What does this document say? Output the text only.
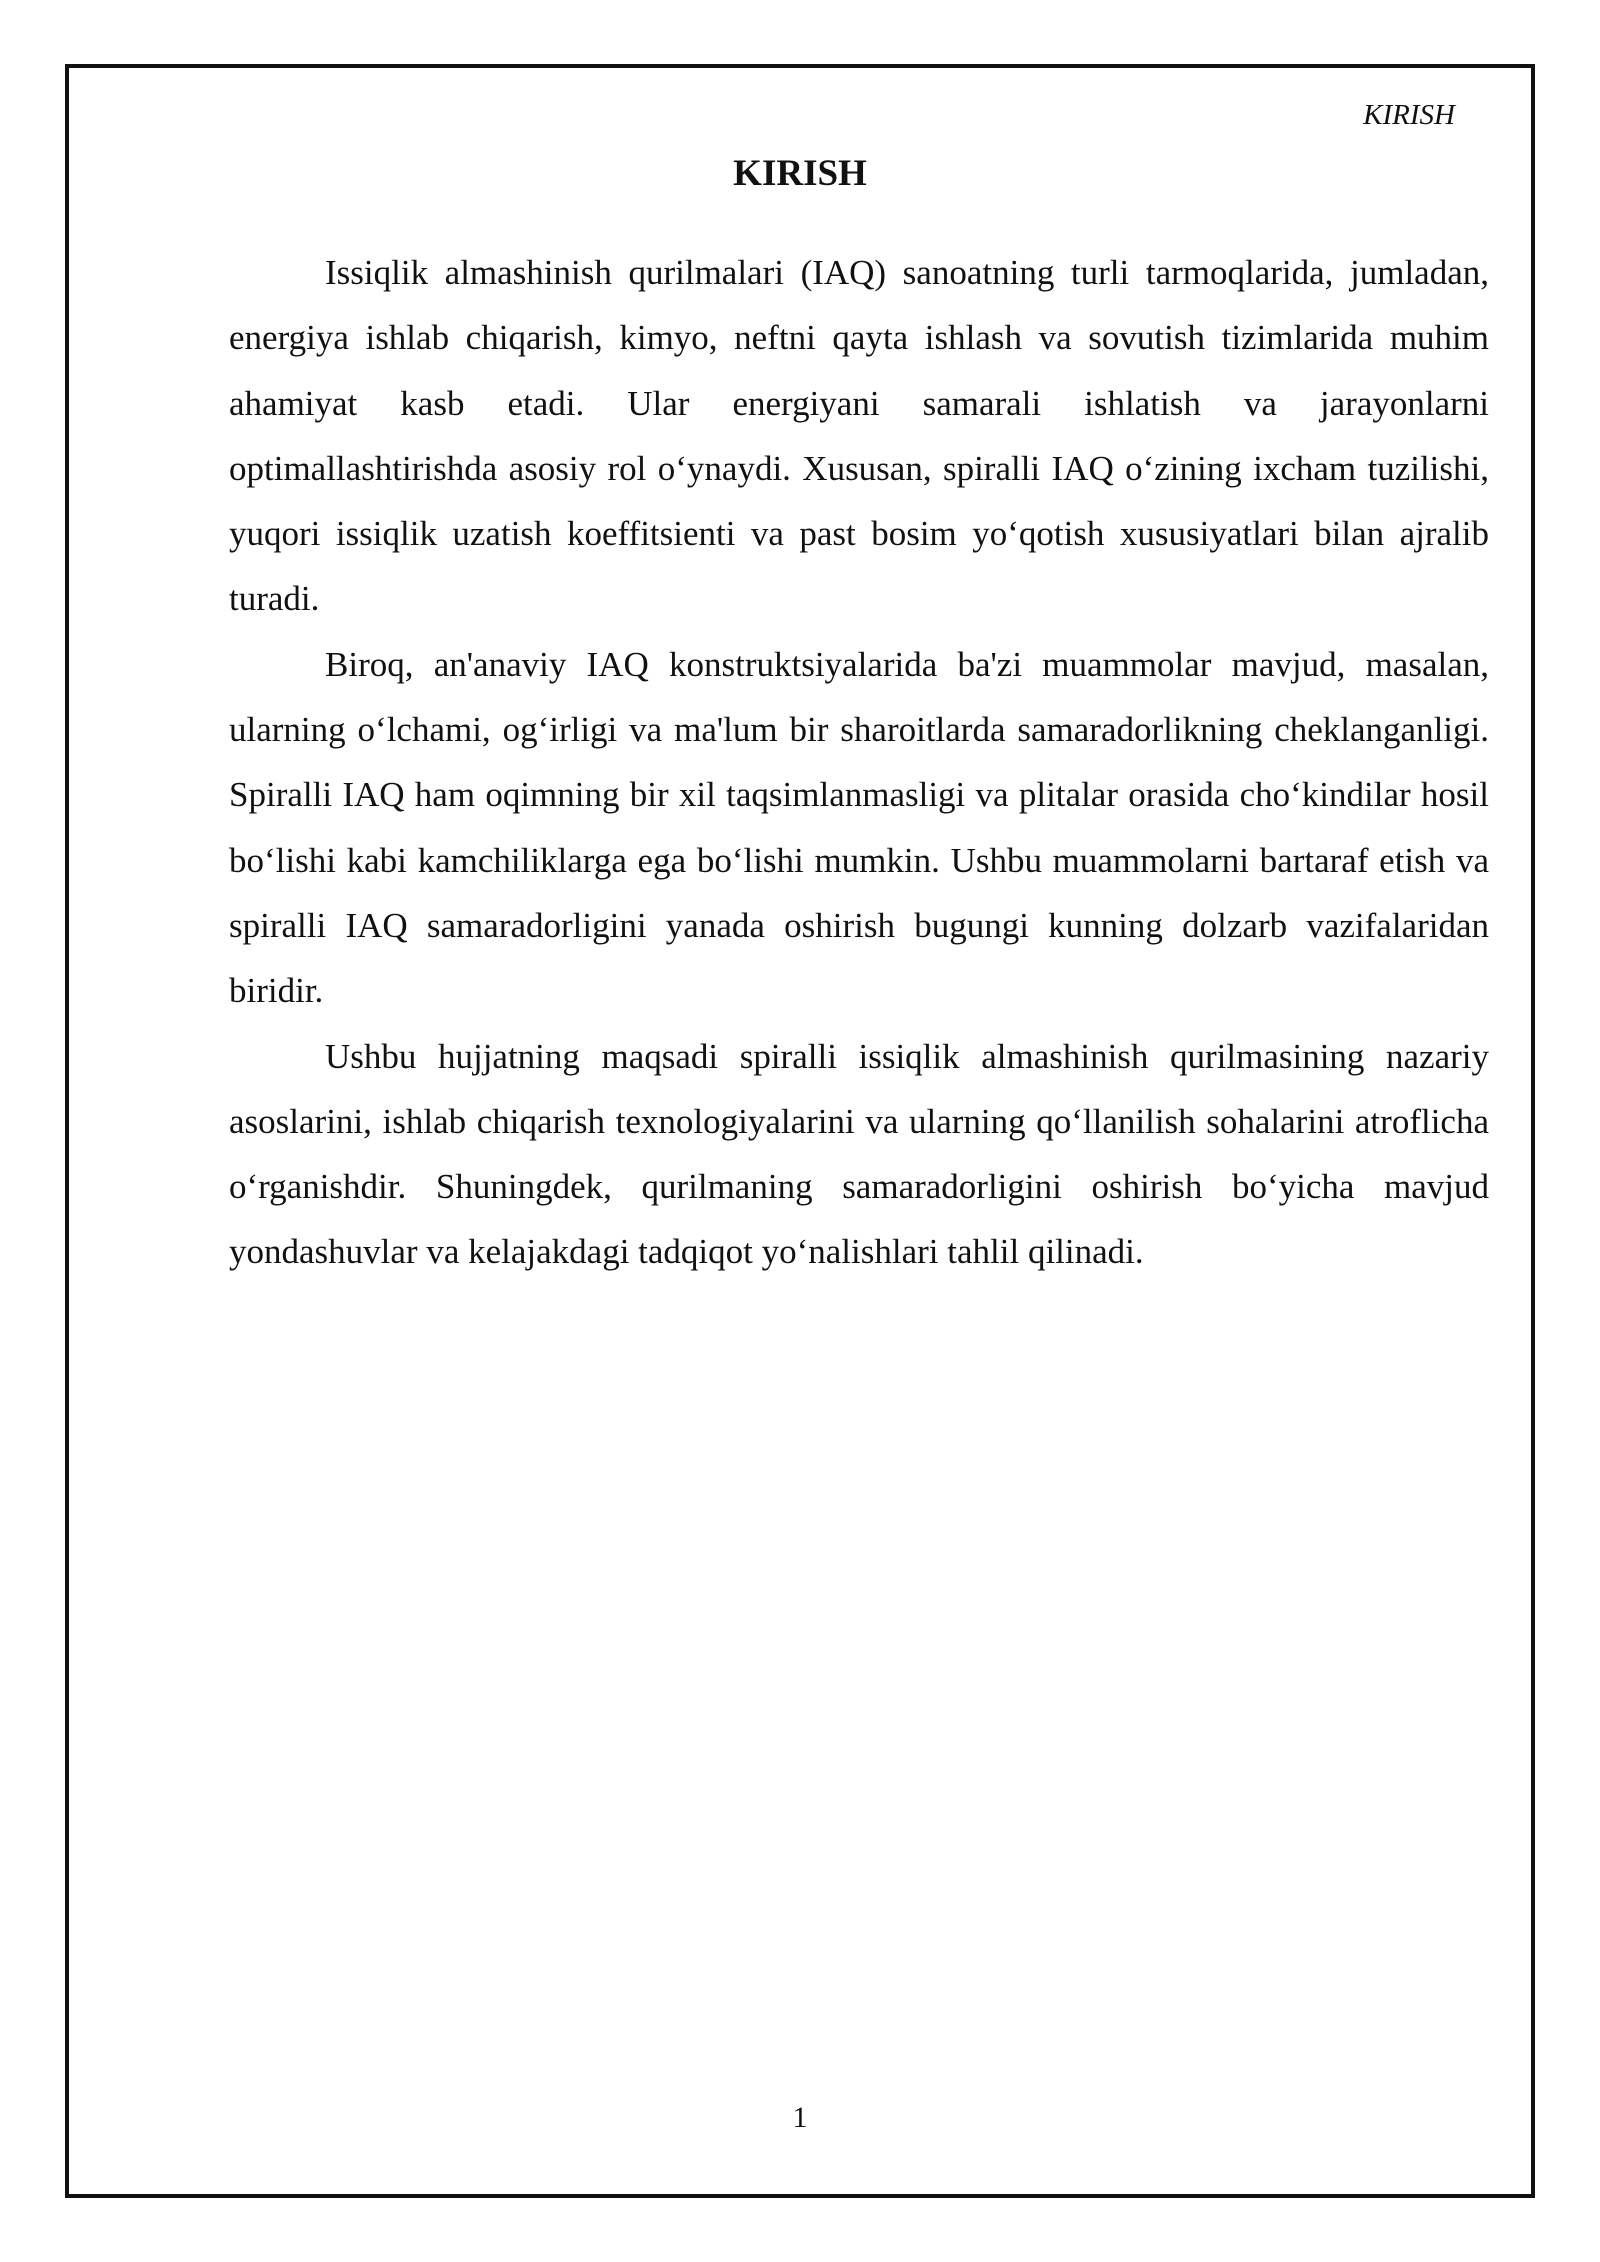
KIRISH
KIRISH

Issiqlik almashinish qurilmalari (IAQ) sanoatning turli tarmoqlarida, jumladan, energiya ishlab chiqarish, kimyo, neftni qayta ishlash va sovutish tizimlarida muhim ahamiyat kasb etadi. Ular energiyani samarali ishlatish va jarayonlarni optimallashtirishda asosiy rol o‘ynaydi. Xususan, spiralli IAQ o‘zining ixcham tuzilishi, yuqori issiqlik uzatish koeffitsienti va past bosim yo‘qotish xususiyatlari bilan ajralib turadi.

Biroq, an'anaviy IAQ konstruktsiyalarida ba'zi muammolar mavjud, masalan, ularning o‘lchami, og‘irligi va ma'lum bir sharoitlarda samaradorlikning cheklanganligi. Spiralli IAQ ham oqimning bir xil taqsimlanmasligi va plitalar orasida cho‘kindilar hosil bo‘lishi kabi kamchiliklarga ega bo‘lishi mumkin. Ushbu muammolarni bartaraf etish va spiralli IAQ samaradorligini yanada oshirish bugungi kunning dolzarb vazifalaridan biridir.

Ushbu hujjatning maqsadi spiralli issiqlik almashinish qurilmasining nazariy asoslarini, ishlab chiqarish texnologiyalarini va ularning qo‘llanilish sohalarini atroflicha o‘rganishdir. Shuningdek, qurilmaning samaradorligini oshirish bo‘yicha mavjud yondashuvlar va kelajakdagi tadqiqot yo‘nalishlari tahlil qilinadi.

1
